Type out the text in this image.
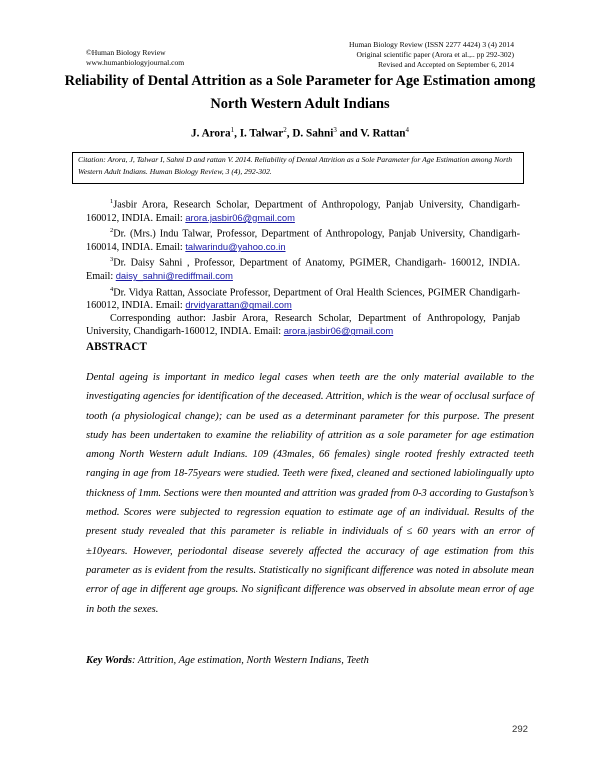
©Human Biology Review
www.humanbiologyjournal.com
Human Biology Review (ISSN 2277 4424) 3 (4) 2014
Original scientific paper (Arora et al.,.. pp 292-302)
Revised and Accepted on September 6, 2014
Reliability of Dental Attrition as a Sole Parameter for Age Estimation among
North Western Adult Indians
J. Arora$^1$, I. Talwar$^2$, D. Sahni$^3$ and V. Rattan$^4$
Citation: Arora, J, Talwar I, Sahni D and rattan V. 2014. Reliability of Dental Attrition as a Sole Parameter for Age Estimation among North Western Adult Indians. Human Biology Review, 3 (4), 292-302.

$^1$Jasbir Arora, Research Scholar, Department of Anthropology, Panjab University, Chandigarh-160012, INDIA. Email: arora.jasbir06@gmail.com

$^2$Dr. (Mrs.) Indu Talwar, Professor, Department of Anthropology, Panjab University, Chandigarh- 160014, INDIA. Email: talwarindu@yahoo.co.in

$^3$Dr. Daisy Sahni , Professor, Department of Anatomy, PGIMER, Chandigarh- 160012, INDIA. Email: daisy_sahni@rediffmail.com

$^4$Dr. Vidya Rattan, Associate Professor, Department of Oral Health Sciences, PGIMER Chandigarh- 160012, INDIA. Email: drvidyarattan@gmail.com

Corresponding author: Jasbir Arora, Research Scholar, Department of Anthropology, Panjab University, Chandigarh-160012, INDIA. Email: arora.jasbir06@gmail.com

ABSTRACT

Dental ageing is important in medico legal cases when teeth are the only material available to the investigating agencies for identification of the deceased. Attrition, which is the wear of occlusal surface of tooth (a physiological change); can be used as a determinant parameter for this purpose. The present study has been undertaken to examine the reliability of attrition as a sole parameter for age estimation among North Western adult Indians. 109 (43males, 66 females) single rooted freshly extracted teeth ranging in age from 18-75years were studied. Teeth were fixed, cleaned and sectioned labiolingually upto thickness of 1mm. Sections were then mounted and attrition was graded from 0-3 according to Gustafson’s method. Scores were subjected to regression equation to estimate age of an individual. Results of the present study revealed that this parameter is reliable in individuals of ≤ 60 years with an error of ±10years. However, periodontal disease severely affected the accuracy of age estimation from this parameter as is evident from the results. Statistically no significant difference was noted in absolute mean error of age in different age groups. No significant difference was observed in absolute mean error of age in both the sexes.

Key Words: Attrition, Age estimation, North Western Indians, Teeth
292
